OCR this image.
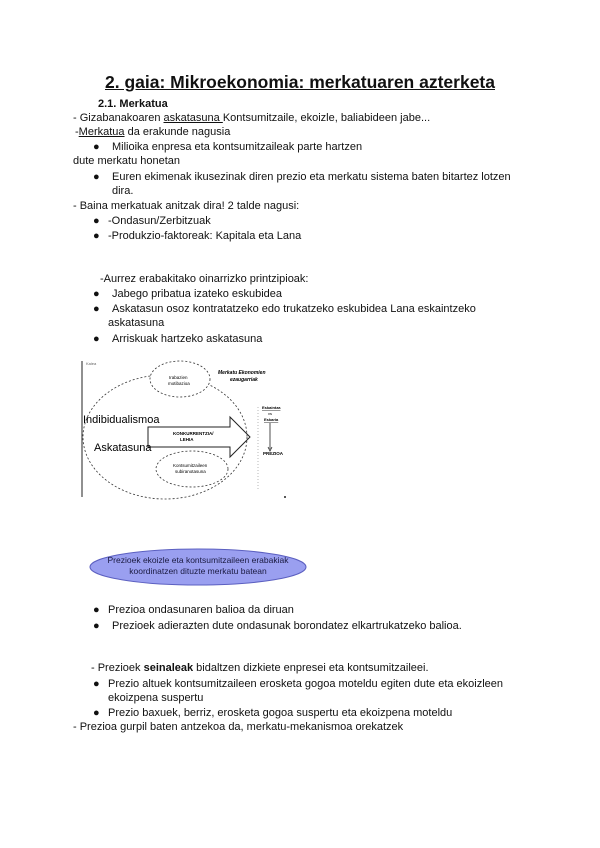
2. gaia: Mikroekonomia: merkatuaren azterketa
2.1. Merkatua
- Gizabanakoaren askatasuna Kontsumitzaile, ekoizle, baliabideen jabe...
-Merkatua da erakunde nagusia
● Milioika enpresa eta kontsumitzaileak parte hartzen
dute merkatu honetan
● Euren ekimenak ikusezinak diren prezio eta merkatu sistema baten bitartez lotzen
dira.
- Baina merkatuak anitzak dira! 2 talde nagusi:
● -Ondasun/Zerbitzuak
● -Produkzio-faktoreak: Kapitala eta Lana
-Aurrez erabakitako oinarrizko printzipioak:
● Jabego pribatua izateko eskubidea
● Askatasun osoz kontratatzeko edo trukatzeko eskubidea Lana eskaintzeko
askatasuna
● Arriskuak hartzeko askatasuna
Kalea
KONKURRENTZIA/
LEHIA
Irabazien
motibazioa
Merkatu Ekonomien
ezaugarriak
Indibidualismoa
Askatasuna
Kontsumitzaileen
subiranotasuna
Eskaintza
vs
Eskaria
PREZIOA
Prezioek ekoizle eta kontsumitzaileen erabakiak
koordinatzen dituzte merkatu batean
● Prezioa ondasunaren balioa da diruan
● Prezioek adierazten dute ondasunak borondatez elkartrukatzeko balioa.
- Prezioek seinaleak bidaltzen dizkiete enpresei eta kontsumitzaileei.
● Prezio altuek kontsumitzaileen erosketa gogoa moteldu egiten dute eta ekoizleen
ekoizpena suspertu
● Prezio baxuek, berriz, erosketa gogoa suspertu eta ekoizpena moteldu
- Prezioa gurpil baten antzekoa da, merkatu-mekanismoa orekatzek
